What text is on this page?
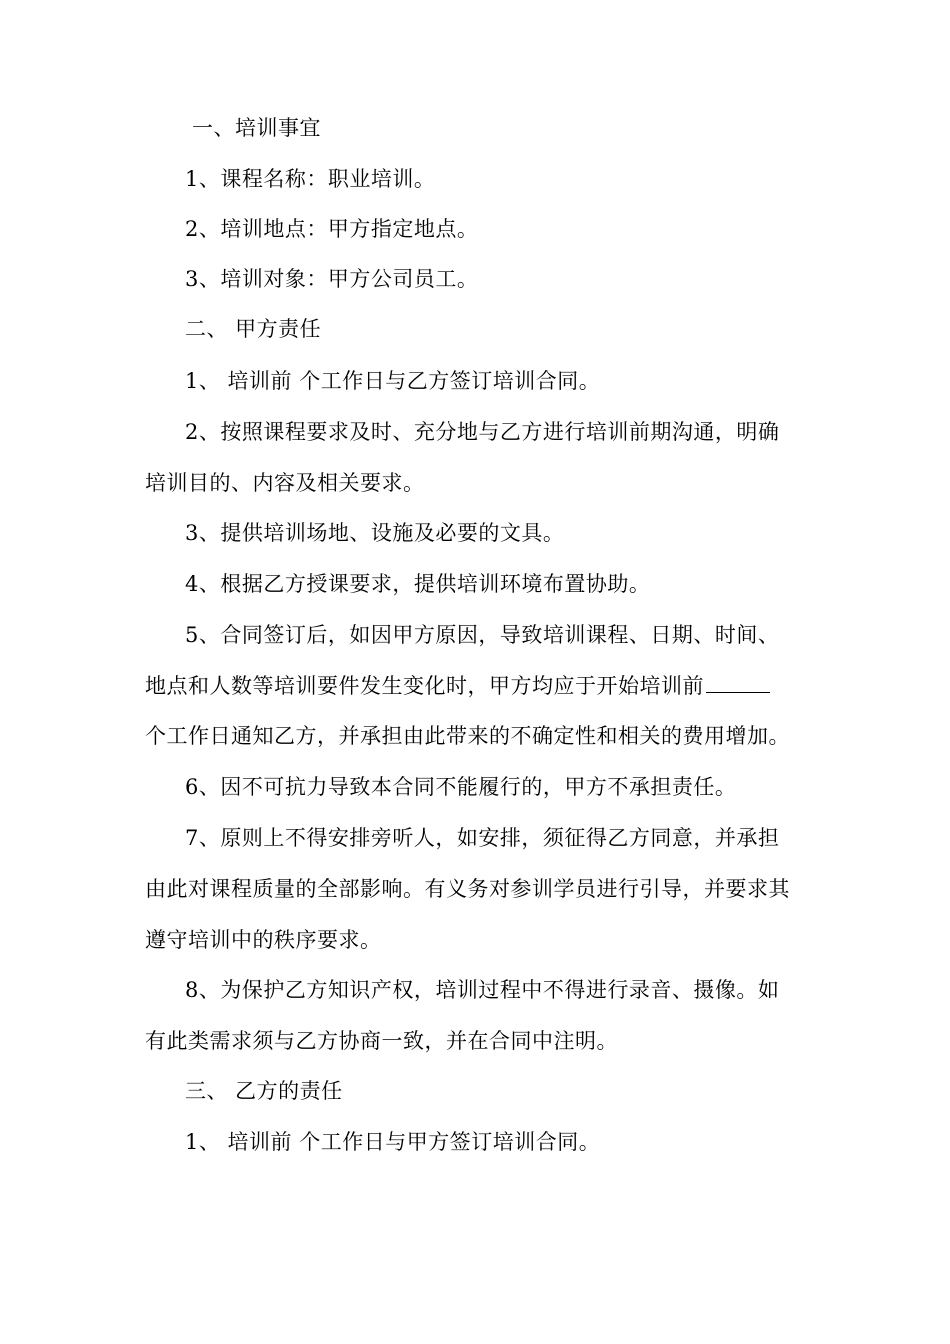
一、培训事宜
1、课程名称：职业培训。
2、培训地点：甲方指定地点。
3、培训对象：甲方公司员工。
二、 甲方责任
1、 培训前 个工作日与乙方签订培训合同。
2、按照课程要求及时、充分地与乙方进行培训前期沟通，明确
培训目的、内容及相关要求。
3、提供培训场地、设施及必要的文具。
4、根据乙方授课要求，提供培训环境布置协助。
5、合同签订后，如因甲方原因，导致培训课程、日期、时间、
地点和人数等培训要件发生变化时，甲方均应于开始培训前
个工作日通知乙方，并承担由此带来的不确定性和相关的费用增加。
6、因不可抗力导致本合同不能履行的，甲方不承担责任。
7、原则上不得安排旁听人，如安排，须征得乙方同意，并承担
由此对课程质量的全部影响。有义务对参训学员进行引导，并要求其
遵守培训中的秩序要求。
8、为保护乙方知识产权，培训过程中不得进行录音、摄像。如
有此类需求须与乙方协商一致，并在合同中注明。
三、 乙方的责任
1、 培训前 个工作日与甲方签订培训合同。
